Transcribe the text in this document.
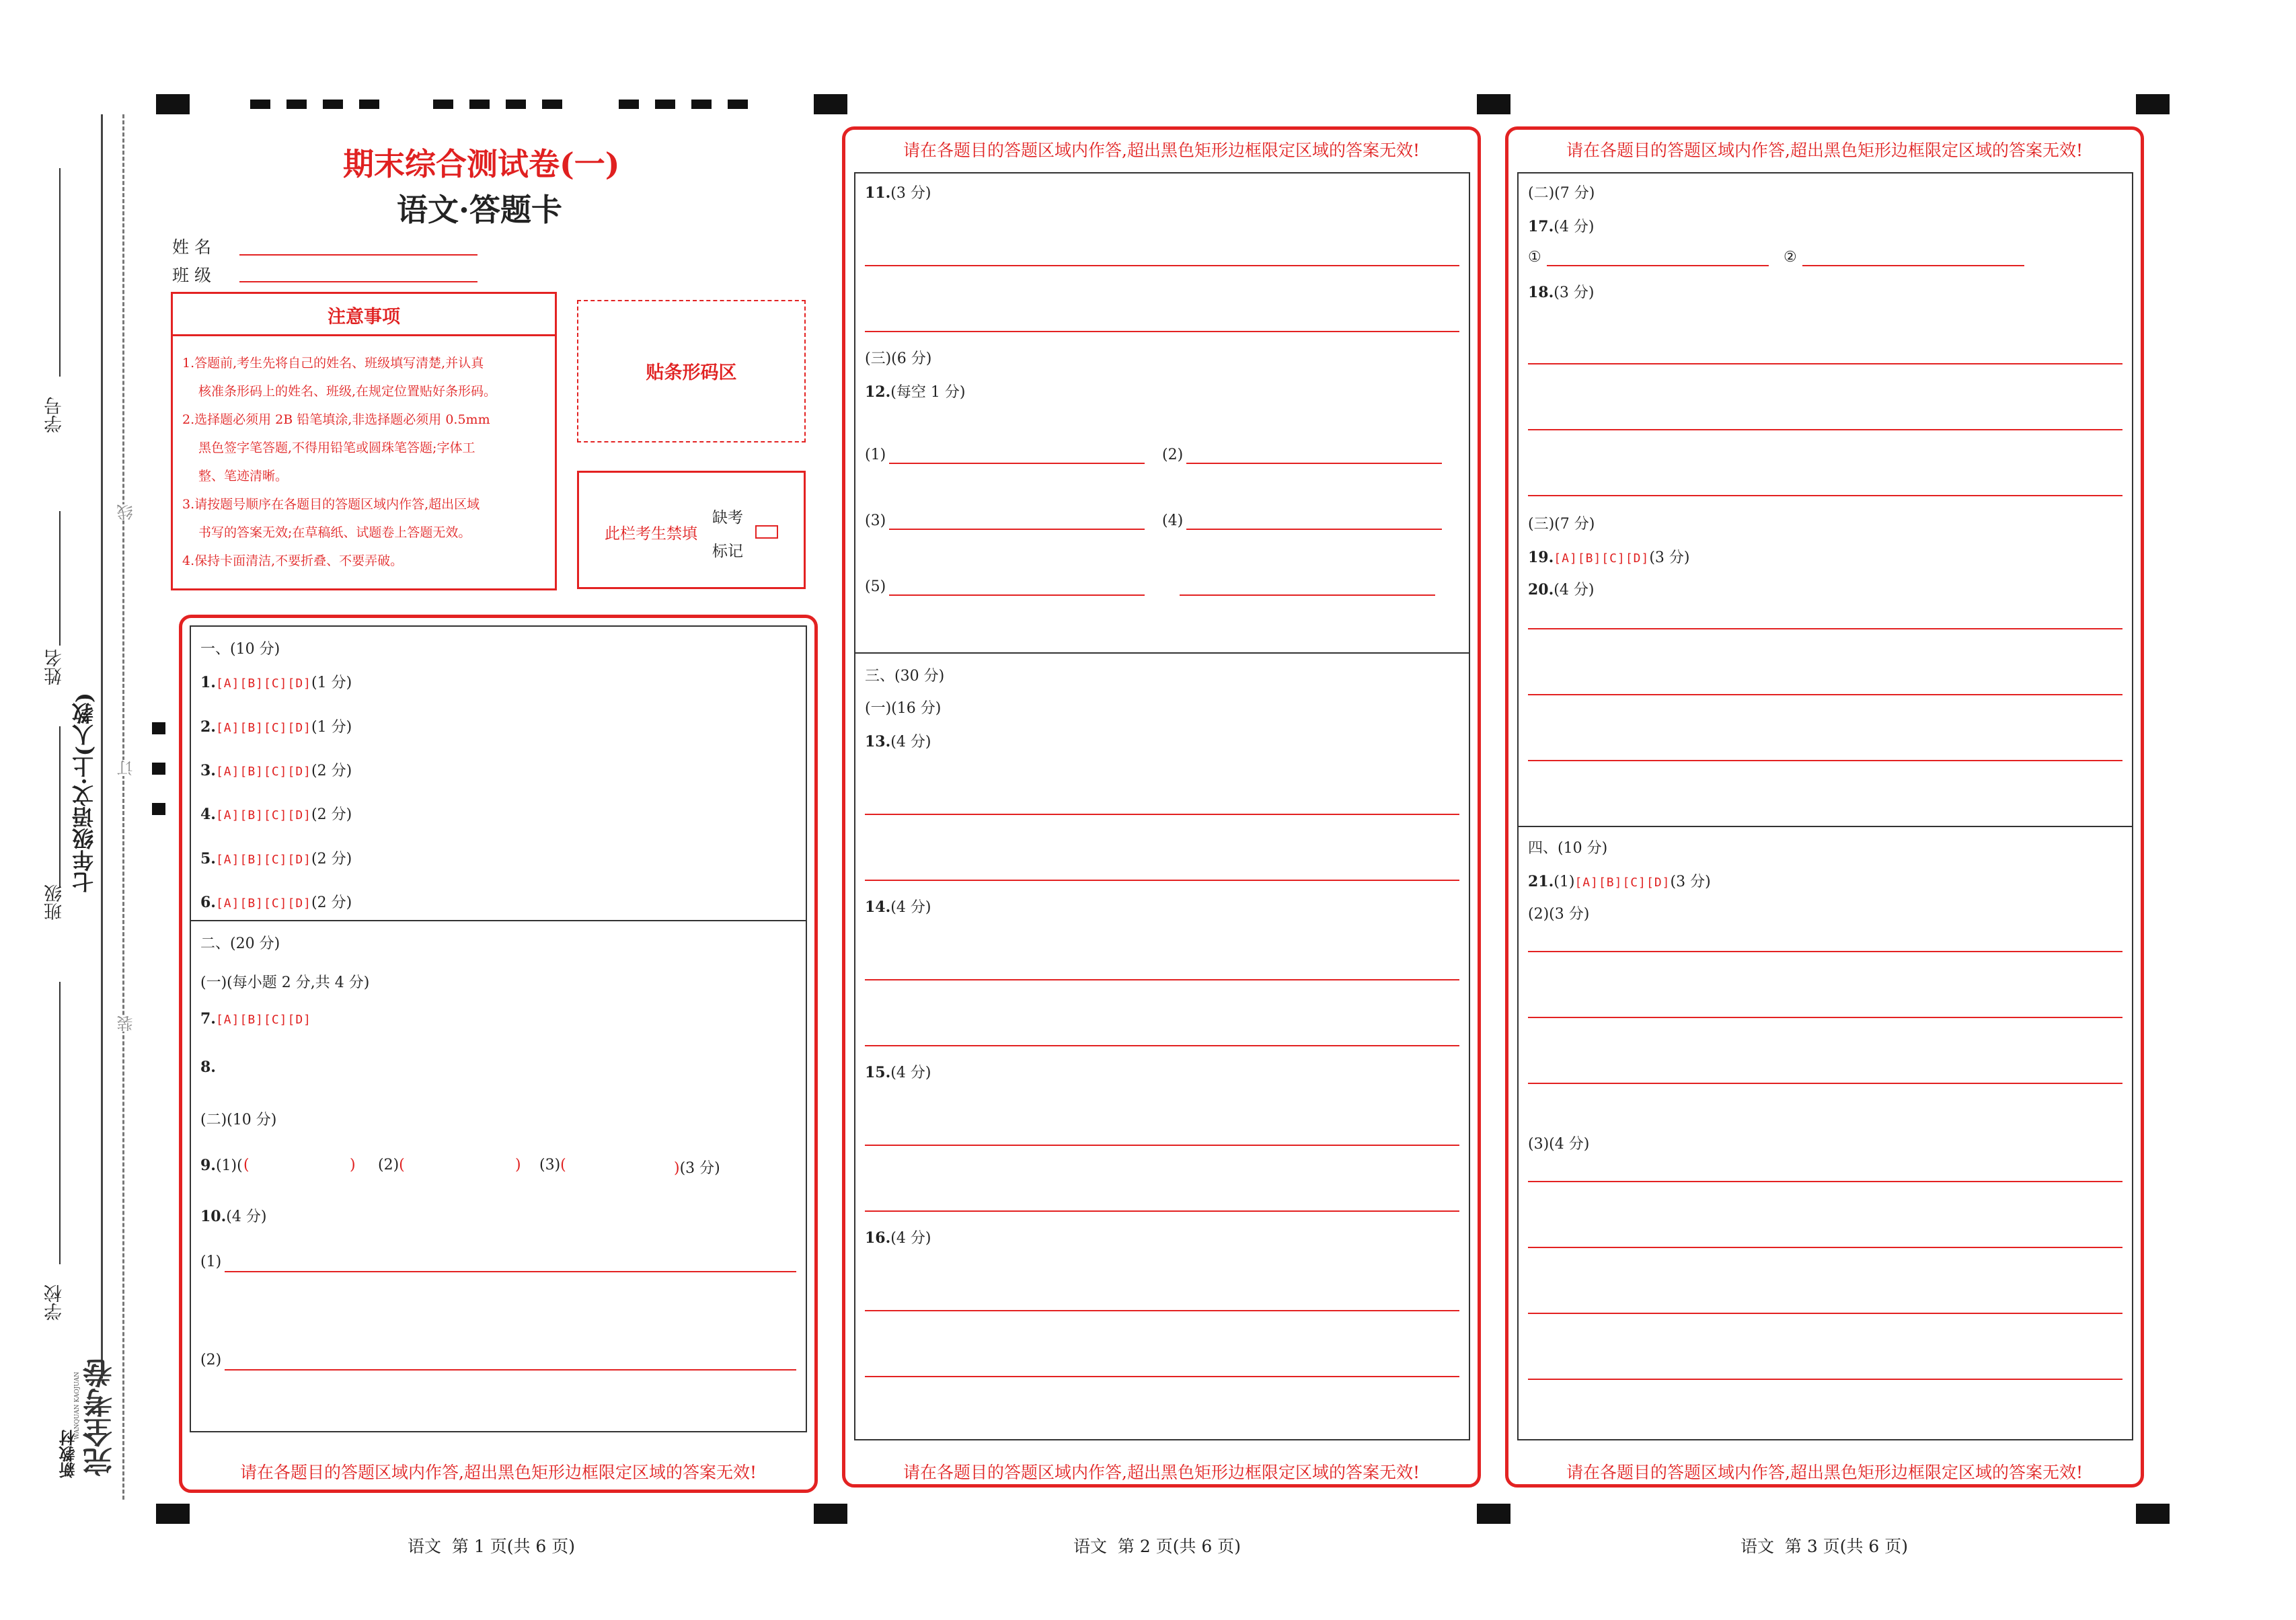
学号
姓名
班级
学校
七年级语文·上(人教)
线
订
装
新教材
WANQUAN KAOJUAN 完全考卷
期末综合测试卷(一)
语文·答题卡
姓 名
班 级
注意事项
1.答题前,考生先将自己的姓名、班级填写清楚,并认真
核准条形码上的姓名、班级,在规定位置贴好条形码。
2.选择题必须用 2B 铅笔填涂,非选择题必须用 0.5mm
黑色签字笔答题,不得用铅笔或圆珠笔答题;字体工
整、笔迹清晰。
3.请按题号顺序在各题目的答题区域内作答,超出区域
书写的答案无效;在草稿纸、试题卷上答题无效。
4.保持卡面清洁,不要折叠、不要弄破。
贴条形码区
此栏考生禁填
缺考
标记
一、(10 分)
1.[A][B][C][D](1 分)
2.[A][B][C][D](1 分)
3.[A][B][C][D](2 分)
4.[A][B][C][D](2 分)
5.[A][B][C][D](2 分)
6.[A][B][C][D](2 分)
二、(20 分)
(一)(每小题 2 分,共 4 分)
7.[A][B][C][D]
8.
(二)(10 分)
9.(1)( (	) (2)(	) (3)(	)(3 分)
10.(4 分)
(1)
(2)
请在各题目的答题区域内作答,超出黑色矩形边框限定区域的答案无效!
请在各题目的答题区域内作答,超出黑色矩形边框限定区域的答案无效!
11.(3 分)
(三)(6 分)
12.(每空 1 分)
(1)	(2)
(3)	(4)
(5)
三、(30 分)
(一)(16 分)
13.(4 分)
14.(4 分)
15.(4 分)
16.(4 分)
请在各题目的答题区域内作答,超出黑色矩形边框限定区域的答案无效!
请在各题目的答题区域内作答,超出黑色矩形边框限定区域的答案无效!
(二)(7 分)
17.(4 分)
①	②
18.(3 分)
(三)(7 分)
19.[A][B][C][D](3 分)
20.(4 分)
四、(10 分)
21.(1)[A][B][C][D](3 分)
(2)(3 分)
(3)(4 分)
请在各题目的答题区域内作答,超出黑色矩形边框限定区域的答案无效!
语文  第 1 页(共 6 页)	语文  第 2 页(共 6 页)	语文  第 3 页(共 6 页)
